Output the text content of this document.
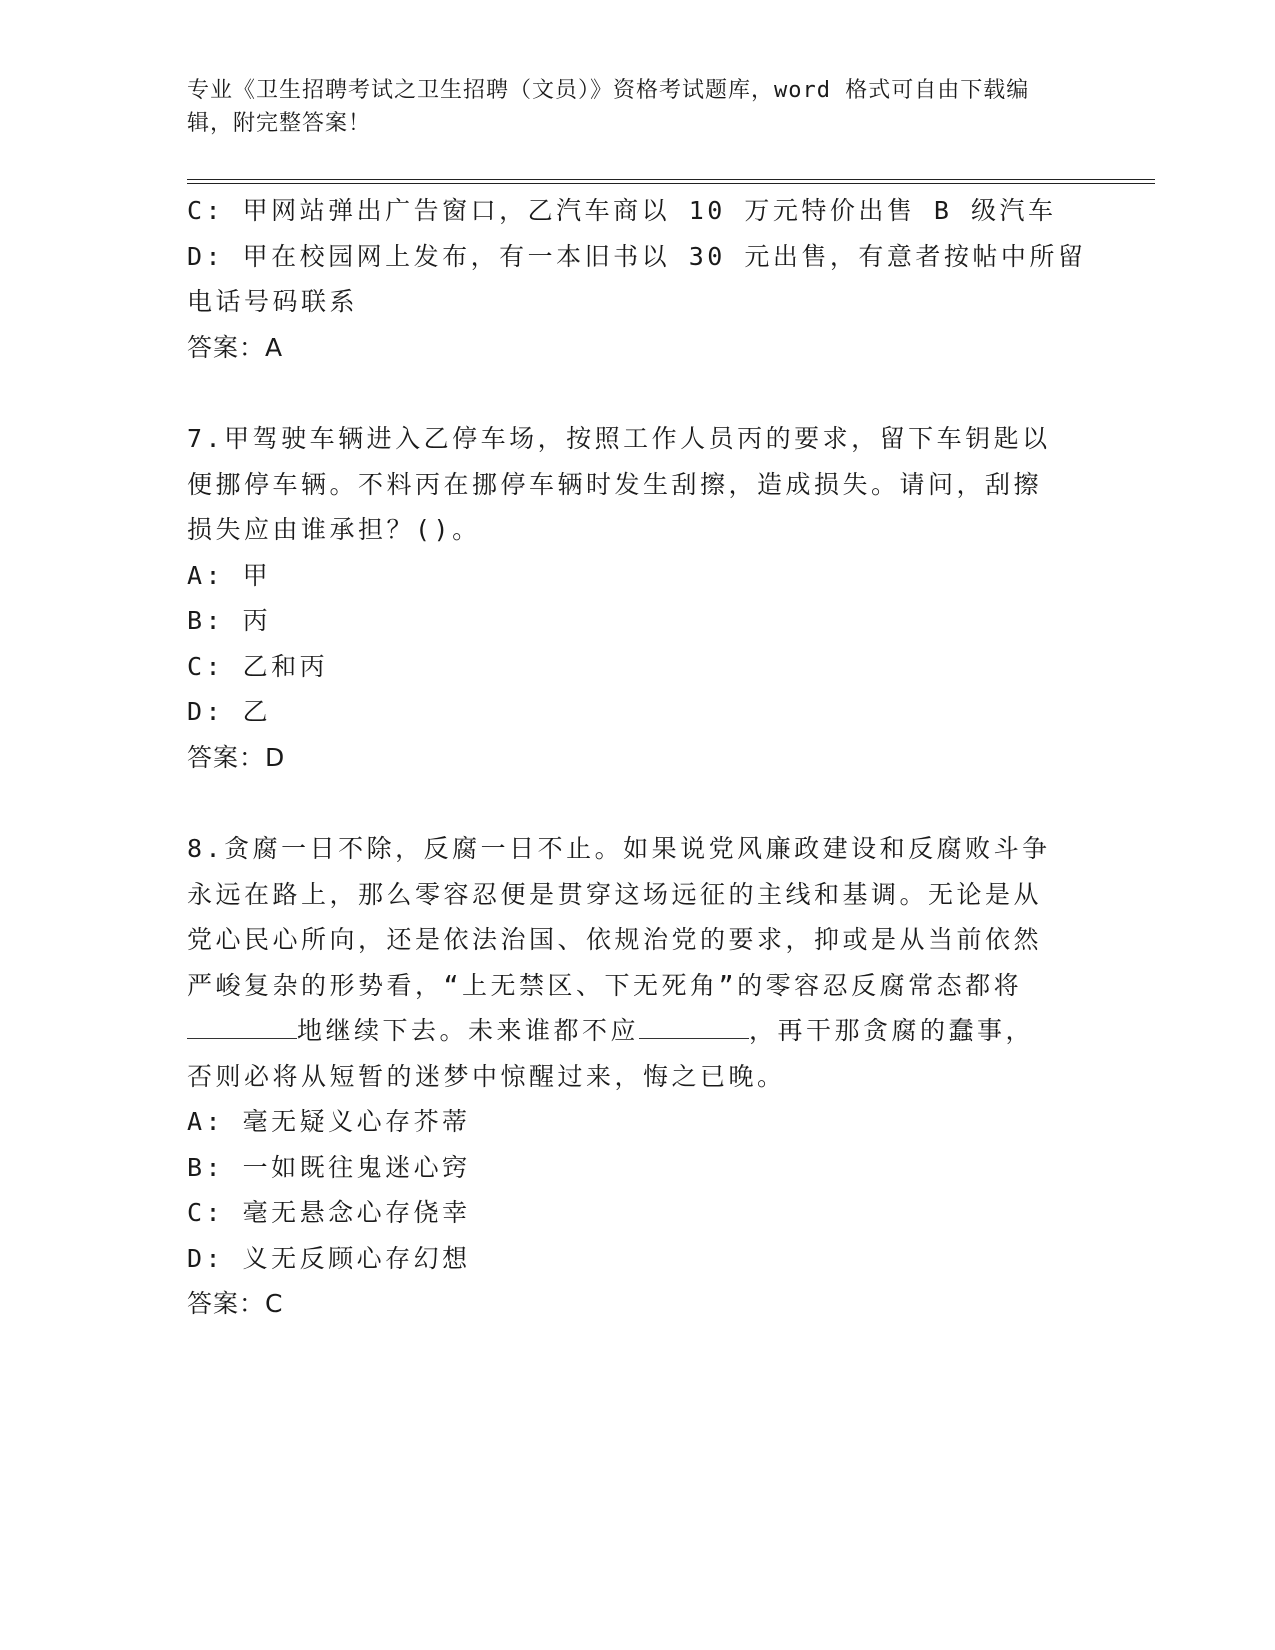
专业《卫生招聘考试之卫生招聘（文员）》资格考试题库，word 格式可自由下载编辑，附完整答案！
C: 甲网站弹出广告窗口，乙汽车商以 10 万元特价出售 B 级汽车
D: 甲在校园网上发布，有一本旧书以 30 元出售，有意者按帖中所留
电话号码联系
答案：A
7.甲驾驶车辆进入乙停车场，按照工作人员丙的要求，留下车钥匙以
便挪停车辆。不料丙在挪停车辆时发生刮擦，造成损失。请问，刮擦
损失应由谁承担？()。
A: 甲
B: 丙
C: 乙和丙
D: 乙
答案：D
8.贪腐一日不除，反腐一日不止。如果说党风廉政建设和反腐败斗争
永远在路上，那么零容忍便是贯穿这场远征的主线和基调。无论是从
党心民心所向，还是依法治国、依规治党的要求，抑或是从当前依然
严峻复杂的形势看，“上无禁区、下无死角”的零容忍反腐常态都将
地继续下去。未来谁都不应	，再干那贪腐的蠢事，
否则必将从短暂的迷梦中惊醒过来，悔之已晚。
A: 毫无疑义心存芥蒂
B: 一如既往鬼迷心窍
C: 毫无悬念心存侥幸
D: 义无反顾心存幻想
答案：C
